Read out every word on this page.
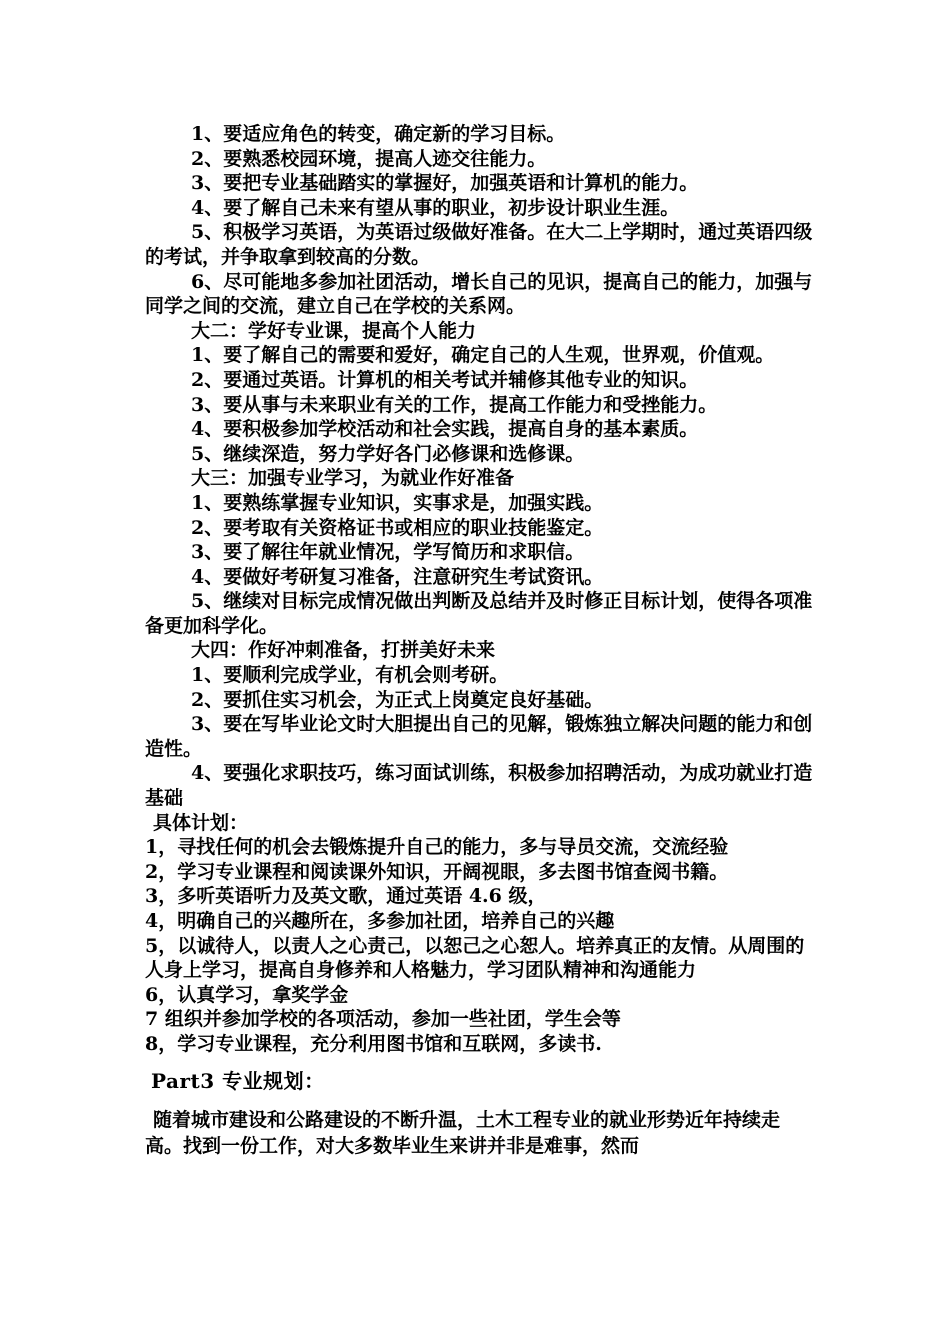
1、要适应角色的转变，确定新的学习目标。

2、要熟悉校园环境，提高人迹交往能力。

3、要把专业基础踏实的掌握好，加强英语和计算机的能力。

4、要了解自己未来有望从事的职业，初步设计职业生涯。

5、积极学习英语，为英语过级做好准备。在大二上学期时，通过英语四级的考试，并争取拿到较高的分数。

6、尽可能地多参加社团活动，增长自己的见识，提高自己的能力，加强与同学之间的交流，建立自己在学校的关系网。

大二：学好专业课，提高个人能力

1、要了解自己的需要和爱好，确定自己的人生观，世界观，价值观。

2、要通过英语。计算机的相关考试并辅修其他专业的知识。

3、要从事与未来职业有关的工作，提高工作能力和受挫能力。

4、要积极参加学校活动和社会实践，提高自身的基本素质。

5、继续深造，努力学好各门必修课和选修课。

大三：加强专业学习，为就业作好准备

1、要熟练掌握专业知识，实事求是，加强实践。

2、要考取有关资格证书或相应的职业技能鉴定。

3、要了解往年就业情况，学写简历和求职信。

4、要做好考研复习准备，注意研究生考试资讯。

5、继续对目标完成情况做出判断及总结并及时修正目标计划，使得各项准备更加科学化。

大四：作好冲刺准备，打拼美好未来

1、要顺利完成学业，有机会则考研。

2、要抓住实习机会，为正式上岗奠定良好基础。

3、要在写毕业论文时大胆提出自己的见解，锻炼独立解决问题的能力和创造性。

4、要强化求职技巧，练习面试训练，积极参加招聘活动，为成功就业打造基础

具体计划：

1，寻找任何的机会去锻炼提升自己的能力，多与导员交流，交流经验

2，学习专业课程和阅读课外知识，开阔视眼，多去图书馆查阅书籍。

3，多听英语听力及英文歌，通过英语 4.6 级，

4，明确自己的兴趣所在，多参加社团，培养自己的兴趣

5，以诚待人，以责人之心责己，以恕己之心恕人。培养真正的友情。从周围的人身上学习，提高自身修养和人格魅力，学习团队精神和沟通能力

6，认真学习，拿奖学金

7 组织并参加学校的各项活动，参加一些社团，学生会等

8，学习专业课程，充分利用图书馆和互联网，多读书.

Part3 专业规划：

随着城市建设和公路建设的不断升温，土木工程专业的就业形势近年持续走高。找到一份工作，对大多数毕业生来讲并非是难事，然而
